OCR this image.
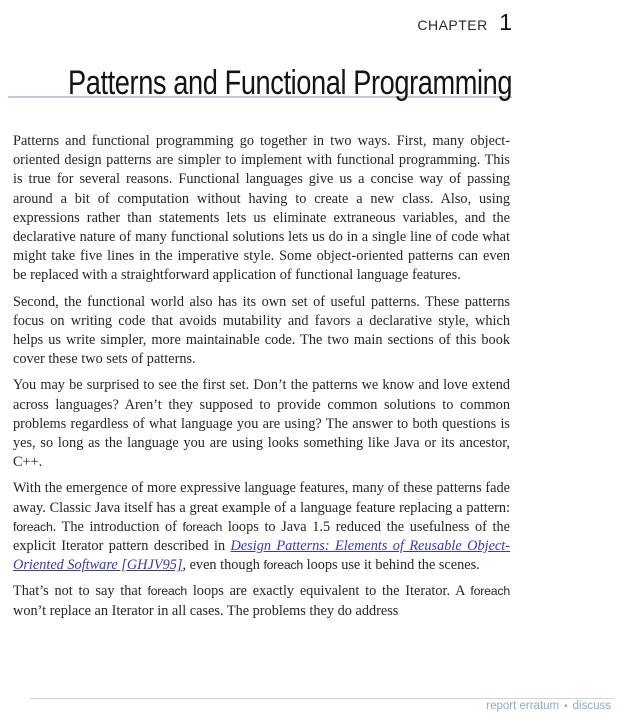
CHAPTER 1
Patterns and Functional Programming

Patterns and functional programming go together in two ways. First, many object-oriented design patterns are simpler to implement with functional programming. This is true for several reasons. Functional languages give us a concise way of passing around a bit of computation without having to create a new class. Also, using expressions rather than statements lets us eliminate extraneous variables, and the declarative nature of many functional solutions lets us do in a single line of code what might take five lines in the imperative style. Some object-oriented patterns can even be replaced with a straightforward application of functional language features.

Second, the functional world also has its own set of useful patterns. These patterns focus on writing code that avoids mutability and favors a declarative style, which helps us write simpler, more maintainable code. The two main sections of this book cover these two sets of patterns.

You may be surprised to see the first set. Don’t the patterns we know and love extend across languages? Aren’t they supposed to provide common solutions to common problems regardless of what language you are using? The answer to both questions is yes, so long as the language you are using looks something like Java or its ancestor, C++.

With the emergence of more expressive language features, many of these patterns fade away. Classic Java itself has a great example of a language feature replacing a pattern: foreach. The introduction of foreach loops to Java 1.5 reduced the usefulness of the explicit Iterator pattern described in Design Patterns: Elements of Reusable Object-Oriented Software [GHJV95], even though foreach loops use it behind the scenes.

That’s not to say that foreach loops are exactly equivalent to the Iterator. A foreach won’t replace an Iterator in all cases. The problems they do address

report erratum • discuss
